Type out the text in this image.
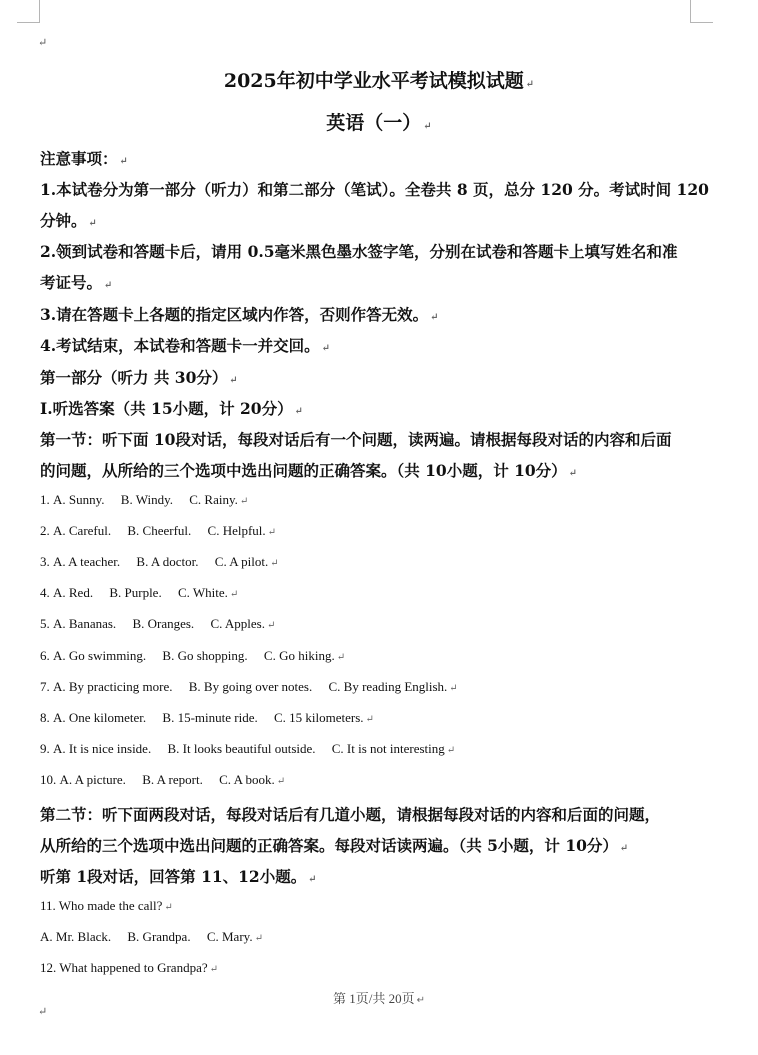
↵
2025年初中学业水平考试模拟试题 ↵
英语（一） ↵
注意事项： ↵
1.本试卷分为第一部分（听力）和第二部分（笔试）。全卷共 8 页，总分 120 分。考试时间 120
分钟。 ↵
2.领到试卷和答题卡后，请用 0.5毫米黑色墨水签字笔，分别在试卷和答题卡上填写姓名和准
考证号。 ↵
3.请在答题卡上各题的指定区域内作答，否则作答无效。 ↵
4.考试结束，本试卷和答题卡一并交回。 ↵
第一部分（听力 共 30分） ↵
Ⅰ.听选答案（共 15小题，计 20分） ↵
第一节：听下面 10段对话，每段对话后有一个问题，读两遍。请根据每段对话的内容和后面
的问题，从所给的三个选项中选出问题的正确答案。（共 10小题，计 10分） ↵
1. A. Sunny. B. Windy. C. Rainy. ↵
2. A. Careful. B. Cheerful. C. Helpful. ↵
3. A. A teacher. B. A doctor. C. A pilot. ↵
4. A. Red. B. Purple. C. White. ↵
5. A. Bananas. B. Oranges. C. Apples. ↵
6. A. Go swimming. B. Go shopping. C. Go hiking. ↵
7. A. By practicing more. B. By going over notes. C. By reading English. ↵
8. A. One kilometer. B. 15-minute ride. C. 15 kilometers. ↵
9. A. It is nice inside. B. It looks beautiful outside. C. It is not interesting ↵
10. A. A picture. B. A report. C. A book. ↵
第二节：听下面两段对话，每段对话后有几道小题，请根据每段对话的内容和后面的问题，
从所给的三个选项中选出问题的正确答案。每段对话读两遍。（共 5小题，计 10分） ↵
听第 1段对话，回答第 11、12小题。 ↵
11. Who made the call? ↵
A. Mr. Black. B. Grandpa. C. Mary. ↵
12. What happened to Grandpa? ↵
第 1页/共 20页 ↵
↵
